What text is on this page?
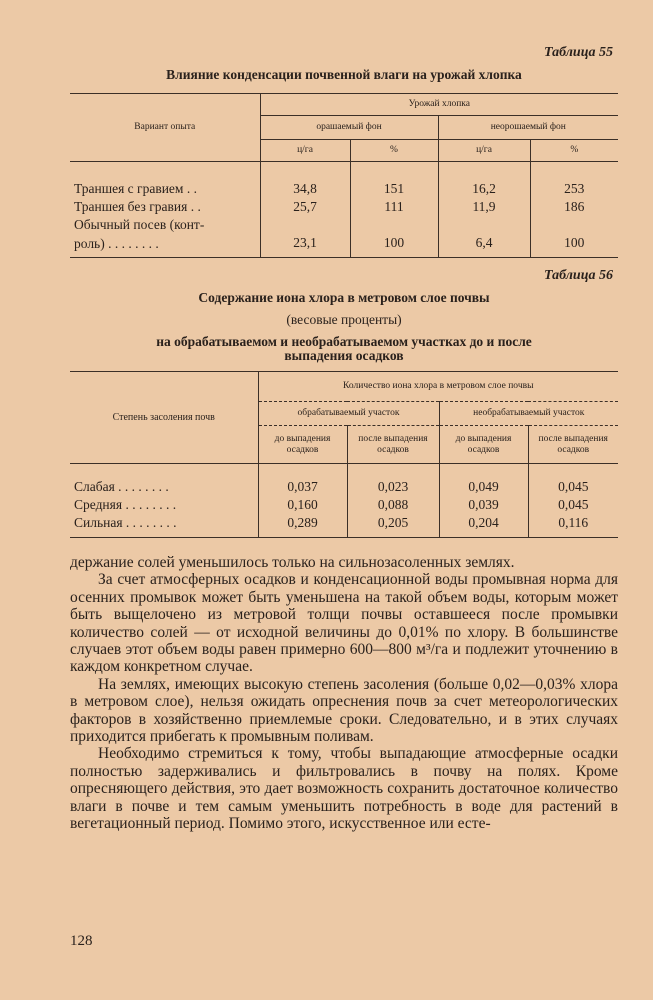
Таблица 55
Влияние конденсации почвенной влаги на урожай хлопка
Вариант опыта	Урожай хлопка			
	орашаемый фон		неорошаемый фон	
	ц/га	%	ц/га	%

Траншея с гравием . .	34,8	151	16,2	253
Траншея без гравия . .	25,7	111	11,9	186
Обычный посев (конт-				
роль) . . . . . . . .	23,1	100	6,4	100

Таблица 56
Содержание иона хлора в метровом слое почвы
(весовые проценты)
на обрабатываемом и необрабатываемом участках до и после
выпадения осадков
Степень засоления почв	Количество иона хлора в метровом слое почвы			
	обрабатываемый участок		необрабатываемый участок	
	до выпадения осадков	после выпадения осадков	до выпадения осадков	после выпадения осадков

Слабая . . . . . . . .	0,037	0,023	0,049	0,045
Средняя . . . . . . . .	0,160	0,088	0,039	0,045
Сильная . . . . . . . .	0,289	0,205	0,204	0,116

держание солей уменьшилось только на сильнозасоленных землях.

За счет атмосферных осадков и конденсационной воды промывная норма для осенних промывок может быть уменьшена на такой объем воды, которым может быть выщелочено из метровой толщи почвы оставшееся после промывки количество солей — от исходной величины до 0,01% по хлору. В большинстве случаев этот объем воды равен примерно 600—800 м³/га и подлежит уточнению в каждом конкретном случае.

На землях, имеющих высокую степень засоления (больше 0,02—0,03% хлора в метровом слое), нельзя ожидать опреснения почв за счет метеорологических факторов в хозяйственно приемлемые сроки. Следовательно, и в этих случаях приходится прибегать к промывным поливам.

Необходимо стремиться к тому, чтобы выпадающие атмосферные осадки полностью задерживались и фильтровались в почву на полях. Кроме опресняющего действия, это дает возможность сохранить достаточное количество влаги в почве и тем самым уменьшить потребность в воде для растений в вегетационный период. Помимо этого, искусственное или есте-

128
